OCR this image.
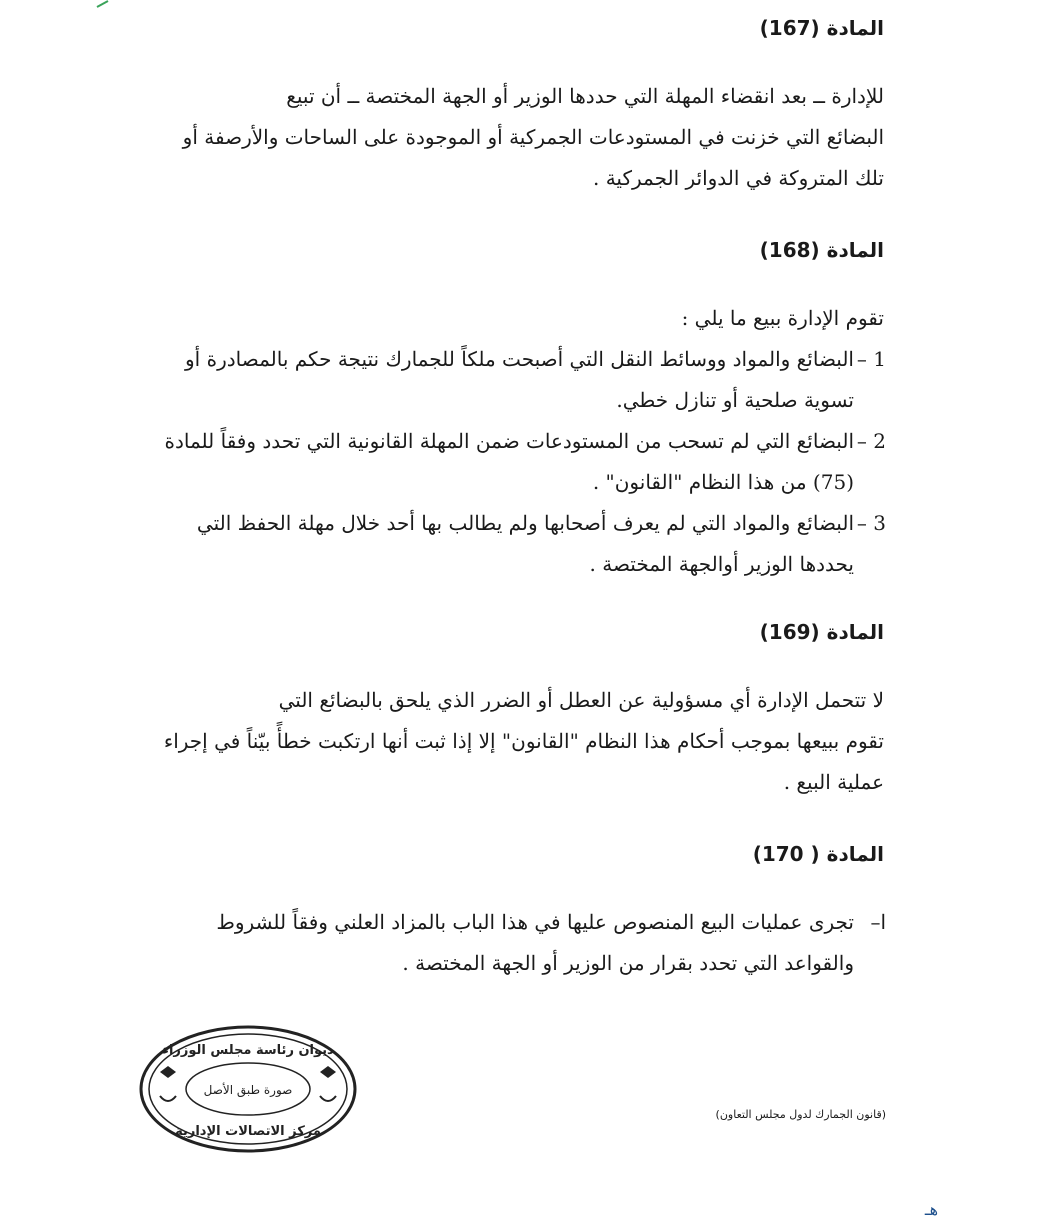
المادة (167)
للإدارة ــ بعد انقضاء المهلة التي حددها الوزير أو الجهة المختصة ــ أن تبيع
البضائع التي خزنت في المستودعات الجمركية أو الموجودة على الساحات والأرصفة أو
تلك المتروكة في الدوائر الجمركية .
المادة (168)
تقوم الإدارة ببيع ما يلي :
1 –
البضائع والمواد ووسائط النقل التي أصبحت ملكاً للجمارك نتيجة حكم بالمصادرة أو
تسوية صلحية أو تنازل خطي.
2 –
البضائع التي لم تسحب من المستودعات ضمن المهلة القانونية التي تحدد وفقاً للمادة
(75) من هذا النظام "القانون" .
3 –
البضائع والمواد التي لم يعرف أصحابها ولم يطالب بها أحد خلال مهلة الحفظ التي
يحددها الوزير أوالجهة المختصة .
المادة (169)
لا تتحمل الإدارة أي مسؤولية عن العطل أو الضرر الذي يلحق بالبضائع التي
تقوم ببيعها بموجب أحكام هذا النظام "القانون" إلا إذا ثبت أنها ارتكبت خطأً بيّناً في إجراء
عملية البيع .
المادة ( 170)
ا–
تجرى عمليات البيع المنصوص عليها في هذا الباب بالمزاد العلني وفقاً للشروط
والقواعد التي تحدد بقرار من الوزير أو الجهة المختصة .
ديوان رئاسة مجلس الوزراء
صورة طبق الأصل
مركز الاتصالات الإدارية
(قانون الجمارك لدول مجلس التعاون)
هـ
